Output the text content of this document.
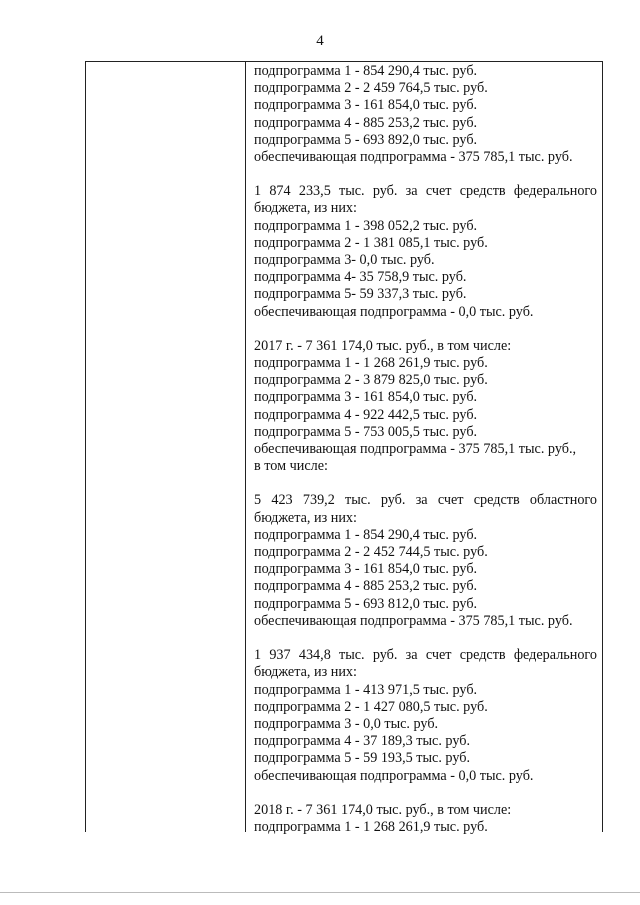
4
подпрограмма 1 - 854 290,4 тыс. руб.
подпрограмма 2 - 2 459 764,5 тыс. руб.
подпрограмма 3 - 161 854,0 тыс. руб.
подпрограмма 4 - 885 253,2 тыс. руб.
подпрограмма 5 - 693 892,0 тыс. руб.
обеспечивающая подпрограмма - 375 785,1 тыс. руб.
1 874 233,5 тыс. руб. за счет средств федерального
бюджета, из них:
подпрограмма 1 - 398 052,2 тыс. руб.
подпрограмма 2 - 1 381 085,1 тыс. руб.
подпрограмма 3- 0,0 тыс. руб.
подпрограмма 4- 35 758,9 тыс. руб.
подпрограмма 5- 59 337,3 тыс. руб.
обеспечивающая подпрограмма - 0,0 тыс. руб.
2017 г. - 7 361 174,0 тыс. руб., в том числе:
подпрограмма 1 - 1 268 261,9 тыс. руб.
подпрограмма 2 - 3 879 825,0 тыс. руб.
подпрограмма 3 - 161 854,0 тыс. руб.
подпрограмма 4 - 922 442,5 тыс. руб.
подпрограмма 5 - 753 005,5 тыс. руб.
обеспечивающая подпрограмма - 375 785,1 тыс. руб.,
в том числе:
5 423 739,2 тыс. руб. за счет средств областного
бюджета, из них:
подпрограмма 1 - 854 290,4 тыс. руб.
подпрограмма 2 - 2 452 744,5 тыс. руб.
подпрограмма 3 - 161 854,0 тыс. руб.
подпрограмма 4 - 885 253,2 тыс. руб.
подпрограмма 5 - 693 812,0 тыс. руб.
обеспечивающая подпрограмма - 375 785,1 тыс. руб.
1 937 434,8 тыс. руб. за счет средств федерального
бюджета, из них:
подпрограмма 1 - 413 971,5 тыс. руб.
подпрограмма 2 - 1 427 080,5 тыс. руб.
подпрограмма 3 - 0,0 тыс. руб.
подпрограмма 4 - 37 189,3 тыс. руб.
подпрограмма 5 - 59 193,5 тыс. руб.
обеспечивающая подпрограмма - 0,0 тыс. руб.
2018 г. - 7 361 174,0 тыс. руб., в том числе:
подпрограмма 1 - 1 268 261,9 тыс. руб.
